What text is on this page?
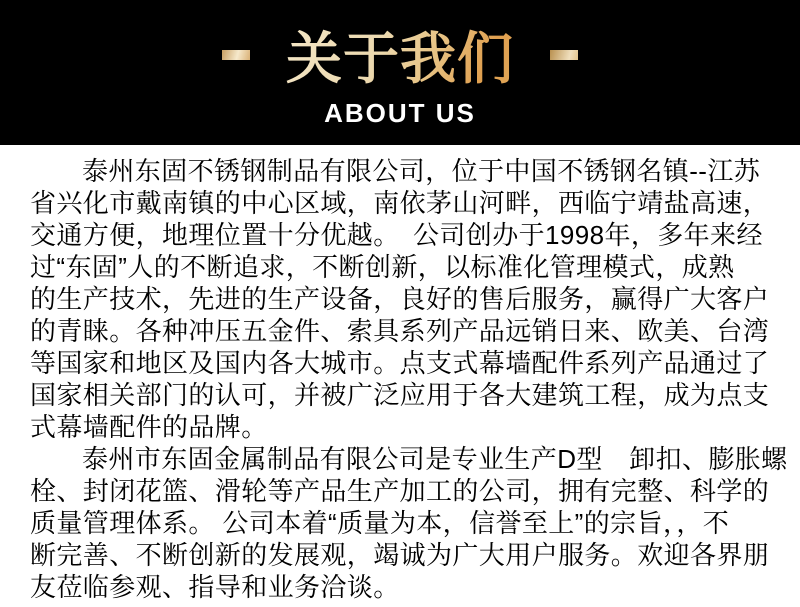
关于我们
ABOUT US

泰州东固不锈钢制品有限公司，位于中国不锈钢名镇--江苏
省兴化市戴南镇的中心区域，南依茅山河畔，西临宁靖盐高速，
交通方便，地理位置十分优越。　公司创办于1998年，多年来经
过“东固”人的不断追求，不断创新，以标准化管理模式，成熟
的生产技术，先进的生产设备，良好的售后服务，赢得广大客户
的青睐。各种冲压五金件、索具系列产品远销日来、欧美、台湾
等国家和地区及国内各大城市。点支式幕墙配件系列产品通过了
国家相关部门的认可，并被广泛应用于各大建筑工程，成为点支
式幕墙配件的品牌。

泰州市东固金属制品有限公司是专业生产D型　卸扣、膨胀螺
栓、封闭花篮、滑轮等产品生产加工的公司，拥有完整、科学的
质量管理体系。 公司本着“质量为本，信誉至上”的宗旨，，不
断完善、不断创新的发展观，竭诚为广大用户服务。欢迎各界朋
友莅临参观、指导和业务洽谈。
